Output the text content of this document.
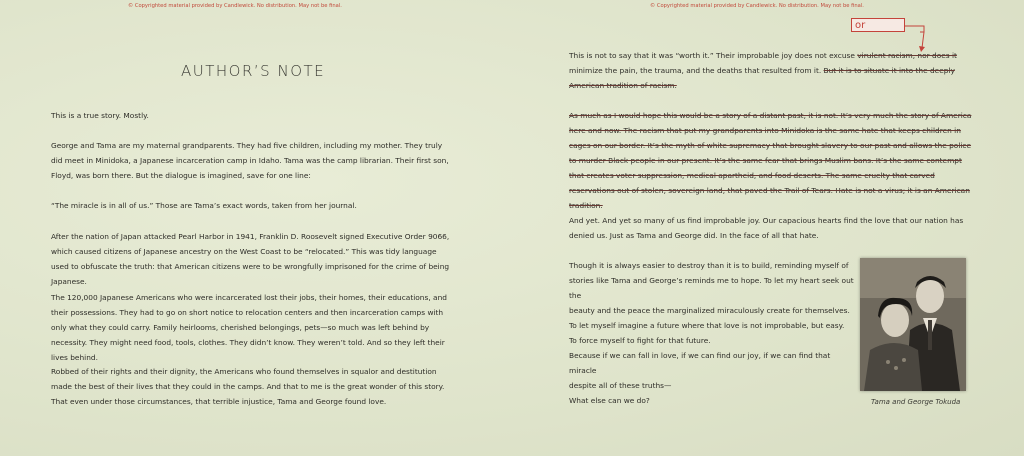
© Copyrighted material provided by Candlewick. No distribution. May not be final.
AUTHOR’S NOTE
This is a true story. Mostly.
George and Tama are my maternal grandparents. They had five children, including my mother. They truly did meet in Minidoka, a Japanese incarceration camp in Idaho. Tama was the camp librarian. Their first son, Floyd, was born there. But the dialogue is imagined, save for one line:
“The miracle is in all of us.” Those are Tama’s exact words, taken from her journal.
After the nation of Japan attacked Pearl Harbor in 1941, Franklin D. Roosevelt signed Executive Order 9066, which caused citizens of Japanese ancestry on the West Coast to be “relocated.” This was tidy language used to obfuscate the truth: that American citizens were to be wrongfully imprisoned for the crime of being Japanese.
The 120,000 Japanese Americans who were incarcerated lost their jobs, their homes, their educations, and their possessions. They had to go on short notice to relocation centers and then incarceration camps with only what they could carry. Family heirlooms, cherished belongings, pets—so much was left behind by necessity. They might need food, tools, clothes. They didn’t know. They weren’t told. And so they left their lives behind.
Robbed of their rights and their dignity, the Americans who found themselves in squalor and destitution made the best of their lives that they could in the camps. And that to me is the great wonder of this story. That even under those circumstances, that terrible injustice, Tama and George found love.
© Copyrighted material provided by Candlewick. No distribution. May not be final.
or
This is not to say that it was “worth it.” Their improbable joy does not excuse virulent racism, nor does it minimize the pain, the trauma, and the deaths that resulted from it. But it is to situate it into the deeply American tradition of racism.
As much as I would hope this would be a story of a distant past, it is not. It’s very much the story of America here and now. The racism that put my grandparents into Minidoka is the same hate that keeps children in cages on our border. It’s the myth of white supremacy that brought slavery to our past and allows the police to murder Black people in our present. It’s the same fear that brings Muslim bans. It’s the same contempt that creates voter suppression, medical apartheid, and food deserts. The same cruelty that carved reservations out of stolen, sovereign land, that paved the Trail of Tears. Hate is not a virus; it is an American tradition.
And yet. And yet so many of us find improbable joy. Our capacious hearts find the love that our nation has denied us. Just as Tama and George did. In the face of all that hate.
Though it is always easier to destroy than it is to build, reminding myself of
stories like Tama and George’s reminds me to hope. To let my heart seek out the
beauty and the peace the marginalized miraculously create for themselves.
To let myself imagine a future where that love is not improbable, but easy.
To force myself to fight for that future.
Because if we can fall in love, if we can find our joy, if we can find that miracle
despite all of these truths—
What else can we do?	Tama and George Tokuda
